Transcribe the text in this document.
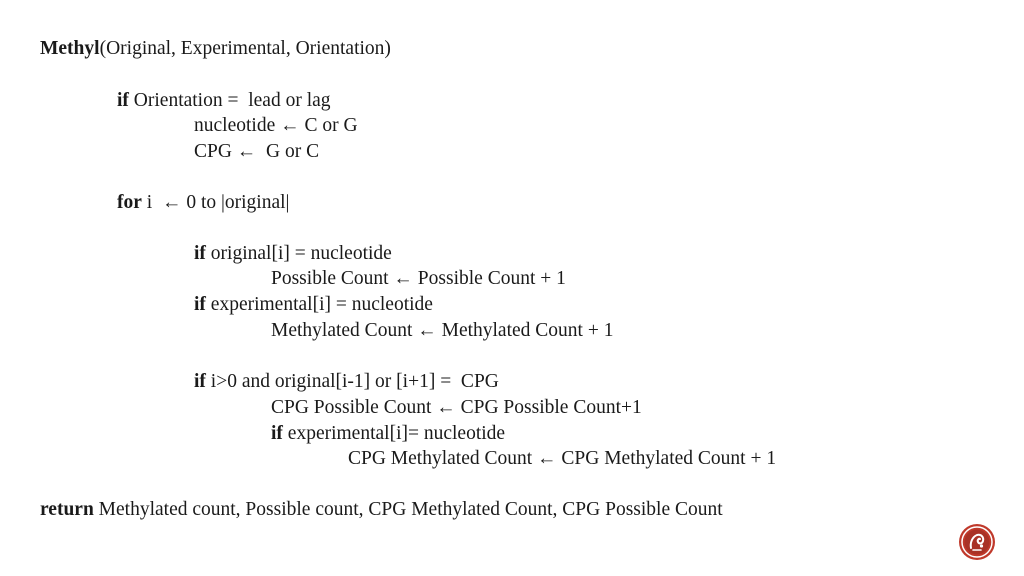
Methyl(Original, Experimental, Orientation)
if Orientation =  lead or lag
nucleotide ← C or G
CPG ←  G or C
for i  ← 0 to |original|
if original[i] = nucleotide
Possible Count ← Possible Count + 1
if experimental[i] = nucleotide
Methylated Count ← Methylated Count + 1
if i>0 and original[i-1] or [i+1] =  CPG
CPG Possible Count ← CPG Possible Count+1
if experimental[i]= nucleotide
CPG Methylated Count ← CPG Methylated Count + 1
return Methylated count, Possible count, CPG Methylated Count, CPG Possible Count
